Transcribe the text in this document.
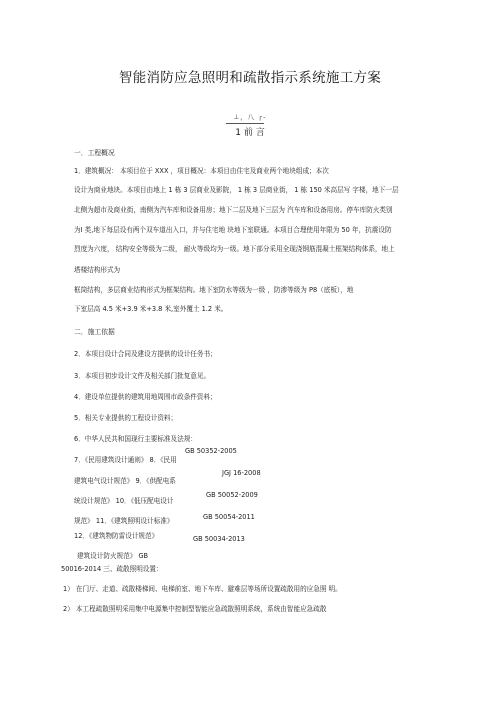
智能消防应急照明和疏散指示系统施工方案
⊥，八 ┌-
1 前 言
一．工程概况
1．建筑概况： 本项目位于 XXX ，项目概况：本项目由住宅及商业两个地块组成；本次
设计为商业地块。本项目由地上 1 栋 3 层商业及影院， 1 栋 3 层商业街， 1 栋 150 米高层写 字楼，地下一层
北侧为超市及商业街，南侧为汽车库和设备用房；地下二层及地下三层为 汽车库和设备用房。停车库防火类别
为I 类,地下每层设有两个双车道出入口，并与住宅地 块地下室联通。本项目合理使用年限为 50 年，抗震设防
烈度为六度， 结构安全等级为二级， 耐火等级均为一级。地下部分采用全现浇钢筋混凝土框架结构体系，地上
塔楼结构形式为
框筒结构，多层商业结构形式为框架结构。地下室防水等级为一级 ，防渗等级为 P8（底板），地
下室层高 4.5 米+3.9 米+3.8 米,室外覆土 1.2 米。
二．施工依据
2．本项目设计合同及建设方提供的设计任务书；
3．本项目初步设计文件及相关部门批复意见。
4．建设单位提供的建筑用地周围市政条件资料；
5．相关专业提供的工程设计资料；
6．中华人民共和国现行主要标准及法规：
GB 50352-2005
7．《民用建筑设计通则》 8．《民用
JGJ 16-2008
建筑电气设计规范》 9．《供配电系
GB 50052-2009
统设计规范》 10．《低压配电设计
规范》 11．《建筑照明设计标准》	GB 50054-2011
12．《建筑物防雷设计规范》	GB 50034-2013
建筑设计防火规范》 GB
50016-2014 三、疏散照明设置：
1） 在门厅、走道、疏散楼梯间、电梯前室、地下车库、避难层等场所设置疏散用的应急照 明。
2） 本工程疏散照明采用集中电源集中控制型智能应急疏散照明系统，系统由智能应急疏散
